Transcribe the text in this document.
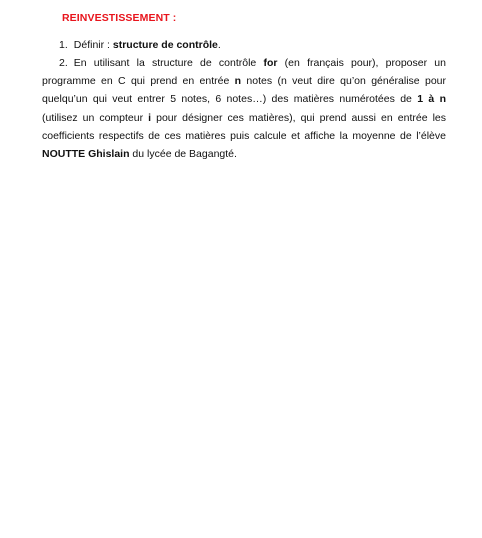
REINVESTISSEMENT :
1. Définir : structure de contrôle.
2. En utilisant la structure de contrôle for (en français pour), proposer un programme en C qui prend en entrée n notes (n veut dire qu’on généralise pour quelqu’un qui veut entrer 5 notes, 6 notes…) des matières numérotées de 1 à n (utilisez un compteur i pour désigner ces matières), qui prend aussi en entrée les coefficients respectifs de ces matières puis calcule et affiche la moyenne de l’élève NOUTTE Ghislain du lycée de Bagangté.
